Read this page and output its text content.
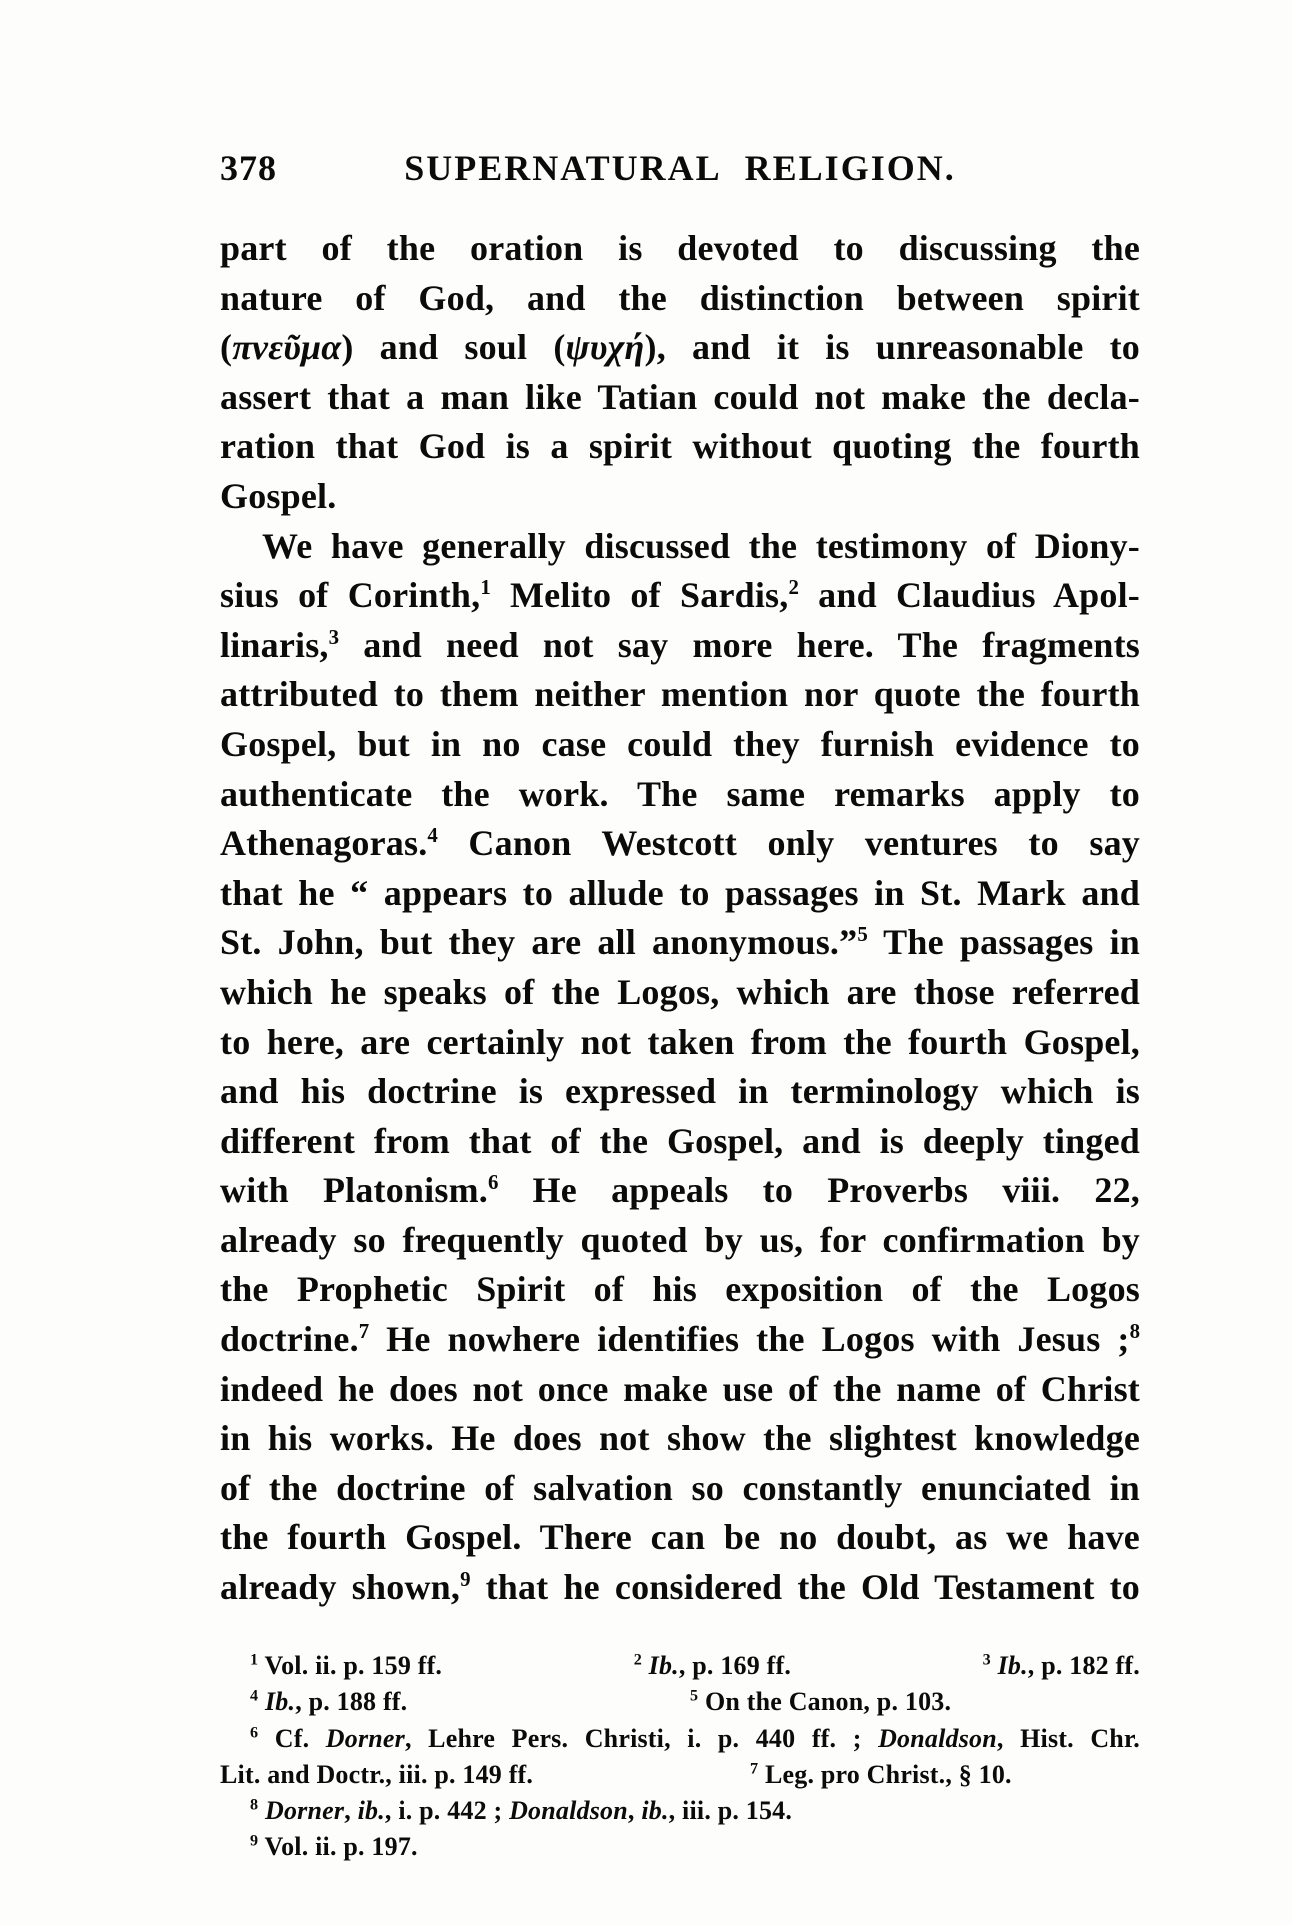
378	SUPERNATURAL RELIGION.
part of the oration is devoted to discussing the
nature of God, and the distinction between spirit
(πνεῦμα) and soul (ψυχή), and it is unreasonable to
assert that a man like Tatian could not make the decla-
ration that God is a spirit without quoting the fourth
Gospel.
We have generally discussed the testimony of Diony-
sius of Corinth,$^1$ Melito of Sardis,$^2$ and Claudius Apol-
linaris,$^3$ and need not say more here. The fragments
attributed to them neither mention nor quote the fourth
Gospel, but in no case could they furnish evidence to
authenticate the work. The same remarks apply to
Athenagoras.$^4$ Canon Westcott only ventures to say
that he “ appears to allude to passages in St. Mark and
St. John, but they are all anonymous.”$^5$ The passages in
which he speaks of the Logos, which are those referred
to here, are certainly not taken from the fourth Gospel,
and his doctrine is expressed in terminology which is
different from that of the Gospel, and is deeply tinged
with Platonism.$^6$ He appeals to Proverbs viii. 22,
already so frequently quoted by us, for confirmation by
the Prophetic Spirit of his exposition of the Logos
doctrine.$^7$ He nowhere identifies the Logos with Jesus ;$^8$
indeed he does not once make use of the name of Christ
in his works. He does not show the slightest knowledge
of the doctrine of salvation so constantly enunciated in
the fourth Gospel. There can be no doubt, as we have
already shown,$^9$ that he considered the Old Testament to
$^1$ Vol. ii. p. 159 ff.	$^2$ Ib., p. 169 ff.	$^3$ Ib., p. 182 ff.
$^4$ Ib., p. 188 ff.	$^5$ On the Canon, p. 103.
$^6$ Cf. Dorner, Lehre Pers. Christi, i. p. 440 ff. ; Donaldson, Hist. Chr.
Lit. and Doctr., iii. p. 149 ff.	$^7$ Leg. pro Christ., § 10.
$^8$ Dorner, ib., i. p. 442 ; Donaldson, ib., iii. p. 154.
$^9$ Vol. ii. p. 197.
